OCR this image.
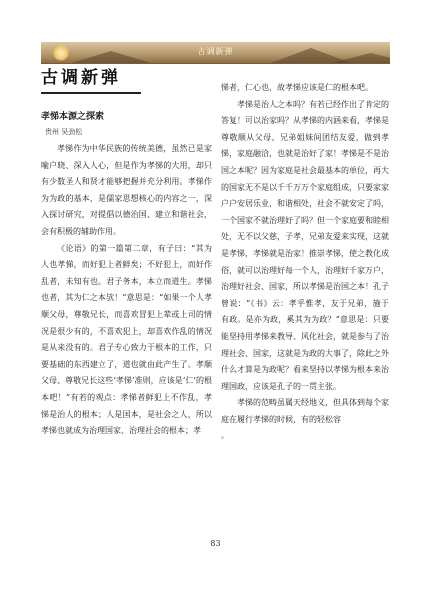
古调新弹
古调新弹
孝悌本源之探索
贵州 吴劲松

孝悌作为中华民族的传统美德，虽然已是家喻户晓、深入人心，但是作为孝悌的大用，却只有少数圣人和贤才能够把握并充分利用。孝悌作为为政的基本，是儒家思想核心的内容之一，深入探讨研究，对提倡以德治国、建立和谐社会，会有积极的辅助作用。

《论语》的第一篇第二章，有子曰：“其为人也孝悌，而好犯上者鲜矣；不好犯上，而好作乱者，未知有也。君子务本，本立而道生。孝悌也者，其为仁之本欤！”意思是：“如果一个人孝顺父母，尊敬兄长，而喜欢冒犯上辈或上司的情况是很少有的，不喜欢犯上，却喜欢作乱的情况是从来没有的。君子专心致力于根本的工作，只要基础的东西建立了，道也就由此产生了。孝顺父母、尊敬兄长这些‘孝悌’准则，应该是‘仁’的根本吧！”有若的观点：孝悌者鲜犯上不作乱，孝悌是治人的根本；人是国本，是社会之人，所以孝悌也就成为治理国家、治理社会的根本；孝

悌者，仁心也，故孝悌应该是仁的根本吧。

孝悌是治人之本吗？有若已经作出了肯定的答复！可以治家吗？从孝悌的内涵来看，孝悌是尊敬顺从父母、兄弟姐妹间团结友爱，做到孝悌，家庭融洽，也就是治好了家！孝悌是不是治国之本呢？因为家庭是社会最基本的单位，再大的国家无不是以千千万万个家庭组成，只要家家户户安居乐业，和谐相处，社会不就安定了吗，一个国家不就治理好了吗？但一个家庭要和睦相处，无不以父慈，子孝，兄弟友爱来实现，这就是孝悌，孝悌就是治家！推崇孝悌，使之教化成俗，就可以治理好每一个人，治理好千家万户，治理好社会、国家，所以孝悌是治国之本！孔子曾说：“《书》云：孝乎惟孝，友于兄弟，施于有政。是亦为政，奚其为为政？”意思是：只要能坚持用孝悌来教导、风化社会，就是参与了治理社会、国家，这就是为政的大事了，除此之外什么才算是为政呢？看来坚持以孝悌为根本来治理国政，应该是孔子的一贯主张。

孝悌的范畴虽属天经地义，但具体到每个家庭在履行孝悌的时候，有的轻松容

。

83
